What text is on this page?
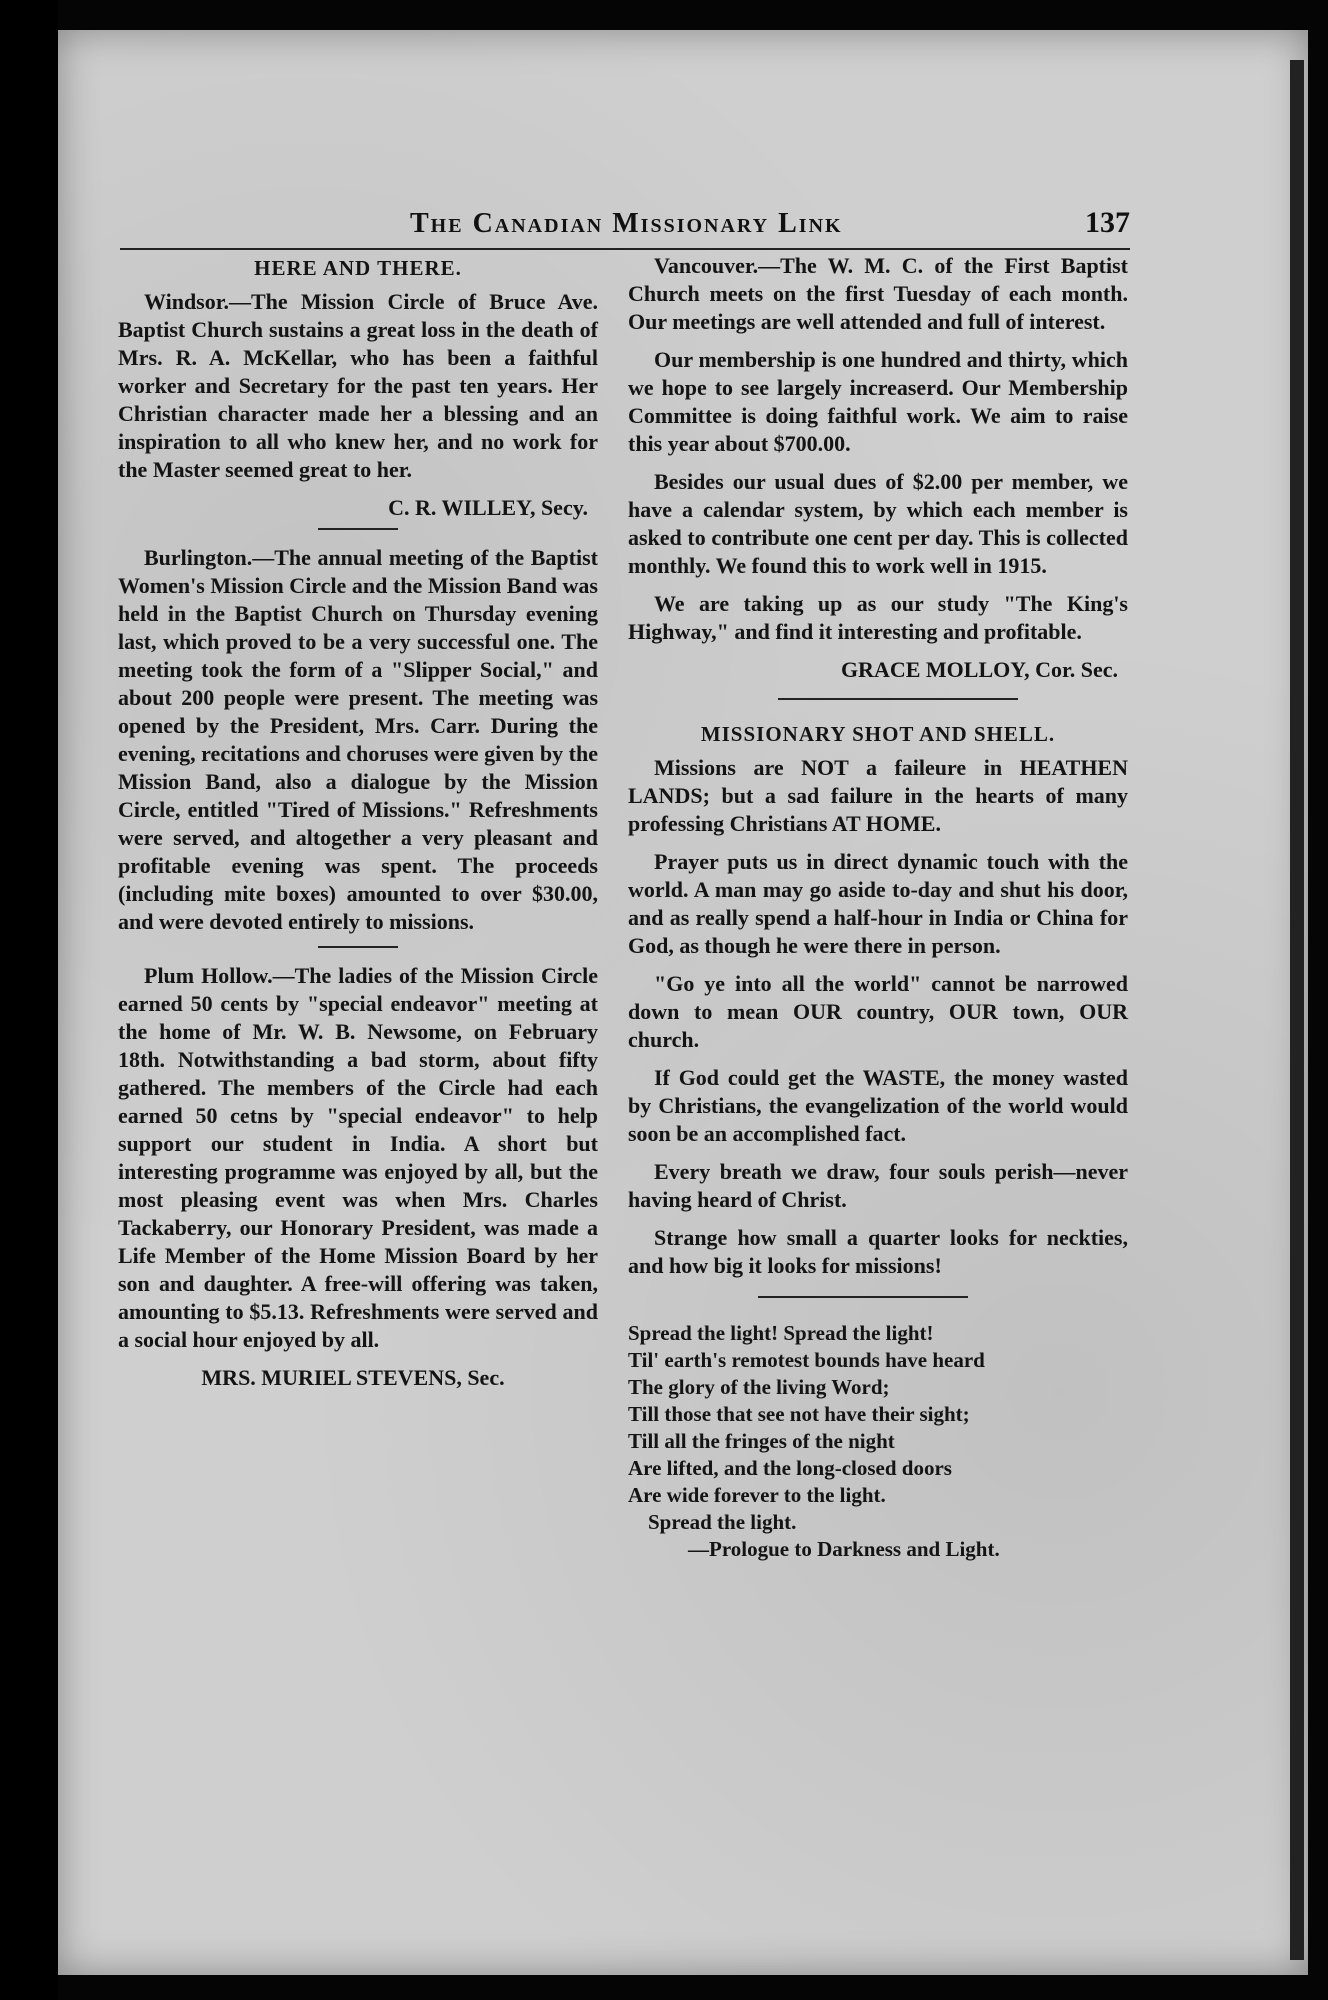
The Canadian Missionary Link	137
HERE AND THERE.

Windsor.—The Mission Circle of Bruce Ave. Baptist Church sustains a great loss in the death of Mrs. R. A. McKellar, who has been a faithful worker and Secretary for the past ten years. Her Christian character made her a blessing and an inspiration to all who knew her, and no work for the Master seemed great to her.

C. R. WILLEY, Secy.

Burlington.—The annual meeting of the Baptist Women's Mission Circle and the Mission Band was held in the Baptist Church on Thursday evening last, which proved to be a very successful one. The meeting took the form of a "Slipper Social," and about 200 people were present. The meeting was opened by the President, Mrs. Carr. During the evening, recitations and choruses were given by the Mission Band, also a dialogue by the Mission Circle, entitled "Tired of Missions." Refreshments were served, and altogether a very pleasant and profitable evening was spent. The proceeds (including mite boxes) amounted to over $30.00, and were devoted entirely to missions.

Plum Hollow.—The ladies of the Mission Circle earned 50 cents by "special endeavor" meeting at the home of Mr. W. B. Newsome, on February 18th. Notwithstanding a bad storm, about fifty gathered. The members of the Circle had each earned 50 cetns by "special endeavor" to help support our student in India. A short but interesting programme was enjoyed by all, but the most pleasing event was when Mrs. Charles Tackaberry, our Honorary President, was made a Life Member of the Home Mission Board by her son and daughter. A free-will offering was taken, amounting to $5.13. Refreshments were served and a social hour enjoyed by all.

MRS. MURIEL STEVENS, Sec.

Vancouver.—The W. M. C. of the First Baptist Church meets on the first Tuesday of each month. Our meetings are well attended and full of interest.

Our membership is one hundred and thirty, which we hope to see largely increaserd. Our Membership Committee is doing faithful work. We aim to raise this year about $700.00.

Besides our usual dues of $2.00 per member, we have a calendar system, by which each member is asked to contribute one cent per day. This is collected monthly. We found this to work well in 1915.

We are taking up as our study "The King's Highway," and find it interesting and profitable.

GRACE MOLLOY, Cor. Sec.
MISSIONARY SHOT AND SHELL.

Missions are NOT a faileure in HEATHEN LANDS; but a sad failure in the hearts of many professing Christians AT HOME.

Prayer puts us in direct dynamic touch with the world. A man may go aside to-day and shut his door, and as really spend a half-hour in India or China for God, as though he were there in person.

"Go ye into all the world" cannot be narrowed down to mean OUR country, OUR town, OUR church.

If God could get the WASTE, the money wasted by Christians, the evangelization of the world would soon be an accomplished fact.

Every breath we draw, four souls perish—never having heard of Christ.

Strange how small a quarter looks for neckties, and how big it looks for missions!

Spread the light! Spread the light!
Til' earth's remotest bounds have heard
The glory of the living Word;
Till those that see not have their sight;
Till all the fringes of the night
Are lifted, and the long-closed doors
Are wide forever to the light.
Spread the light.
—Prologue to Darkness and Light.
